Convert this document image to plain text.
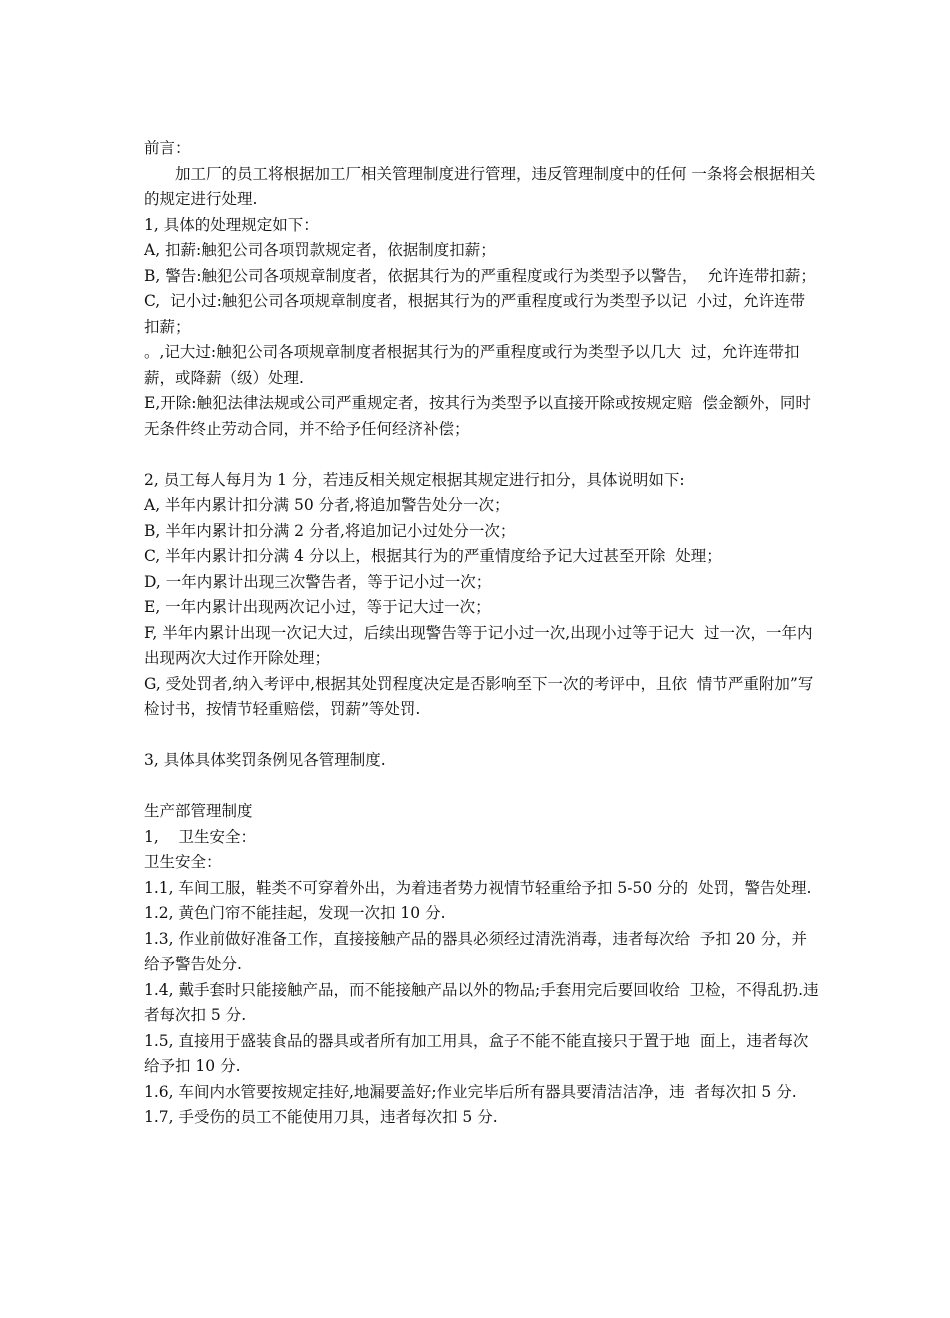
前言：

加工厂的员工将根据加工厂相关管理制度进行管理，违反管理制度中的任何 一条将会根据相关的规定进行处理.

1, 具体的处理规定如下：

A, 扣薪:触犯公司各项罚款规定者，依据制度扣薪；

B, 警告:触犯公司各项规章制度者，依据其行为的严重程度或行为类型予以警告，  允许连带扣薪；

C,  记小过:触犯公司各项规章制度者，根据其行为的严重程度或行为类型予以记  小过，允许连带扣薪；

。,记大过:触犯公司各项规章制度者根据其行为的严重程度或行为类型予以几大  过，允许连带扣薪，或降薪（级）处理.

E,开除:触犯法律法规或公司严重规定者，按其行为类型予以直接开除或按规定赔  偿金额外，同时无条件终止劳动合同，并不给予任何经济补偿；

2, 员工每人每月为 1 分，若违反相关规定根据其规定进行扣分，具体说明如下:

A, 半年内累计扣分满 50 分者,将追加警告处分一次；

B, 半年内累计扣分满 2 分者,将追加记小过处分一次；

C, 半年内累计扣分满 4 分以上，根据其行为的严重情度给予记大过甚至开除  处理；

D, 一年内累计出现三次警告者，等于记小过一次；

E, 一年内累计出现两次记小过，等于记大过一次；

F, 半年内累计出现一次记大过，后续出现警告等于记小过一次,出现小过等于记大  过一次，一年内出现两次大过作开除处理；

G, 受处罚者,纳入考评中,根据其处罚程度决定是否影响至下一次的考评中，且依  情节严重附加”写检讨书，按情节轻重赔偿，罚薪”等处罚.

3, 具体具体奖罚条例见各管理制度.

生产部管理制度

1,    卫生安全：

卫生安全：

1.1, 车间工服，鞋类不可穿着外出，为着违者势力视情节轻重给予扣 5-50 分的  处罚，警告处理.

1.2, 黄色门帘不能挂起，发现一次扣 10 分.

1.3, 作业前做好准备工作，直接接触产品的器具必须经过清洗消毒，违者每次给  予扣 20 分，并给予警告处分.

1.4, 戴手套时只能接触产品，而不能接触产品以外的物品;手套用完后要回收给  卫检，不得乱扔.违者每次扣 5 分.

1.5, 直接用于盛装食品的器具或者所有加工用具，盒子不能不能直接只于置于地  面上，违者每次给予扣 10 分.

1.6, 车间内水管要按规定挂好,地漏要盖好;作业完毕后所有器具要清洁洁净，违  者每次扣 5 分.

1.7, 手受伤的员工不能使用刀具，违者每次扣 5 分.
